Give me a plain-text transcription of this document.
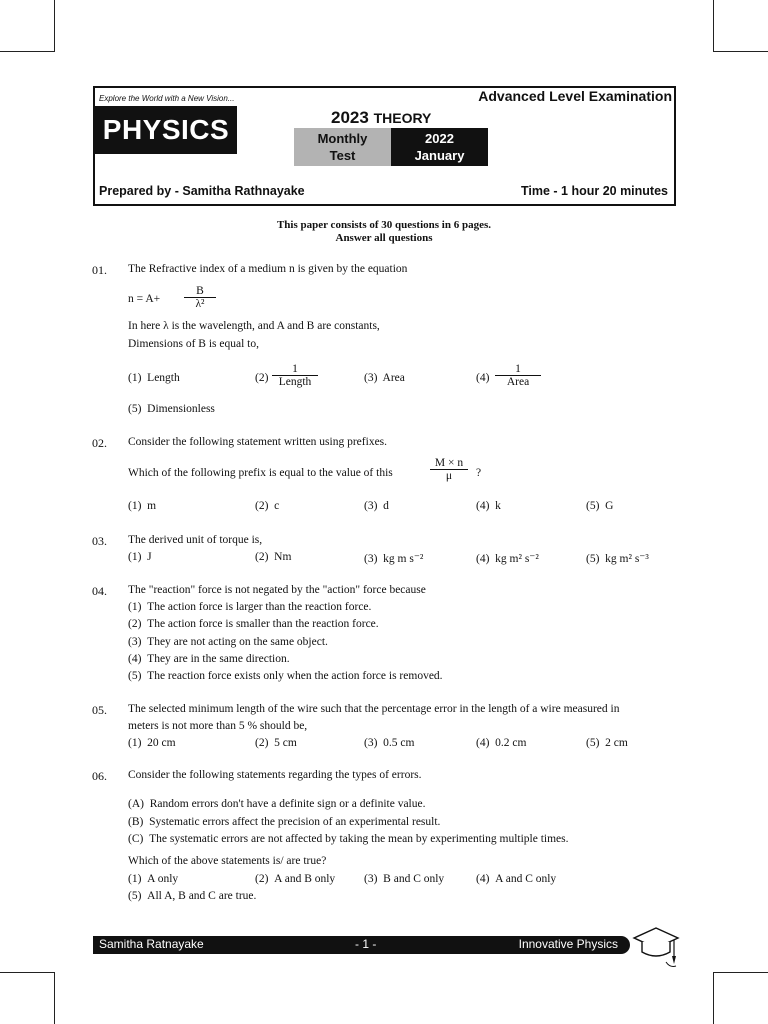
Explore the World with a New Vision...
PHYSICS
Advanced Level Examination
2023 THEORY
Monthly
Test
2022
January
Prepared by - Samitha Rathnayake	Time - 1 hour 20 minutes
This paper consists of 30 questions in 6 pages.
Answer all questions
01. The Refractive index of a medium n is given by the equation
$n = A+ \frac{B}{\text{λ²}}$
In here λ is the wavelength, and A and B are constants,
Dimensions of B is equal to,
(1) Length	(2)
1
Length	(3) Area	(4)
1
Area
(5) Dimensionless
02. Consider the following statement written using prefixes.
Which of the following prefix is equal to the value of this	$\frac{M \times n}{\mu}$ ?
(1) m	(2) c	(3) d	(4) k	(5) G
03. The derived unit of torque is,
(1) J	(2) Nm	(3) kg m s⁻²	(4) kg m² s⁻²	(5) kg m² s⁻³
04. The "reaction" force is not negated by the "action" force because
(1) The action force is larger than the reaction force.
(2) The action force is smaller than the reaction force.
(3) They are not acting on the same object.
(4) They are in the same direction.
(5) The reaction force exists only when the action force is removed.
05. The selected minimum length of the wire such that the percentage error in the length of a wire measured in
meters is not more than 5 % should be,
(1) 20 cm	(2) 5 cm	(3) 0.5 cm	(4) 0.2 cm	(5) 2 cm
06. Consider the following statements regarding the types of errors.
(A) Random errors don't have a definite sign or a definite value.
(B) Systematic errors affect the precision of an experimental result.
(C) The systematic errors are not affected by taking the mean by experimenting multiple times.
Which of the above statements is/ are true?
(1) A only	(2) A and B only	(3) B and C only	(4) A and C only
(5) All A, B and C are true.
Samitha Ratnayake	- 1 -	Innovative Physics
